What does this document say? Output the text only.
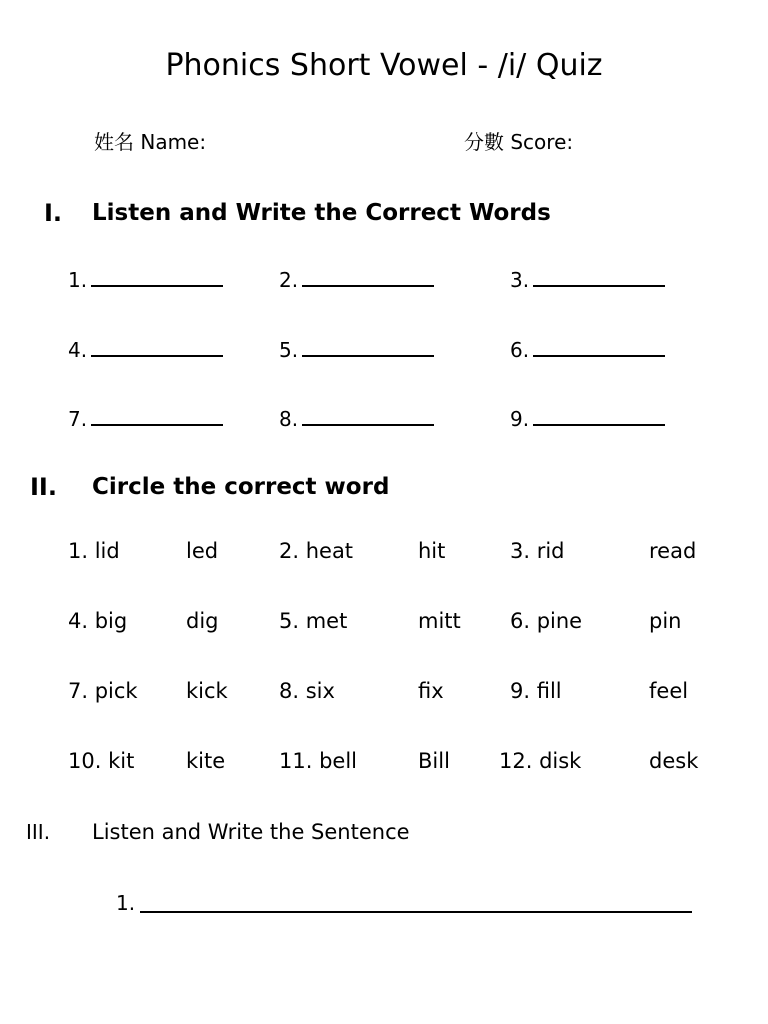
Phonics Short Vowel - /i/ Quiz
姓名 Name:	分數 Score:
I. Listen and Write the Correct Words
1.	2.	3.
4.	5.	6.
7.	8.	9.
II. Circle the correct word
1. lid	led	2. heat	hit	3. rid	read
4. big	dig	5. met	mitt 6. pine	pin
7. pick kick 8. six	fix	9. fill	feel
10. kit kite	11. bell	Bill 12. disk	desk
III. Listen and Write the Sentence
1.
